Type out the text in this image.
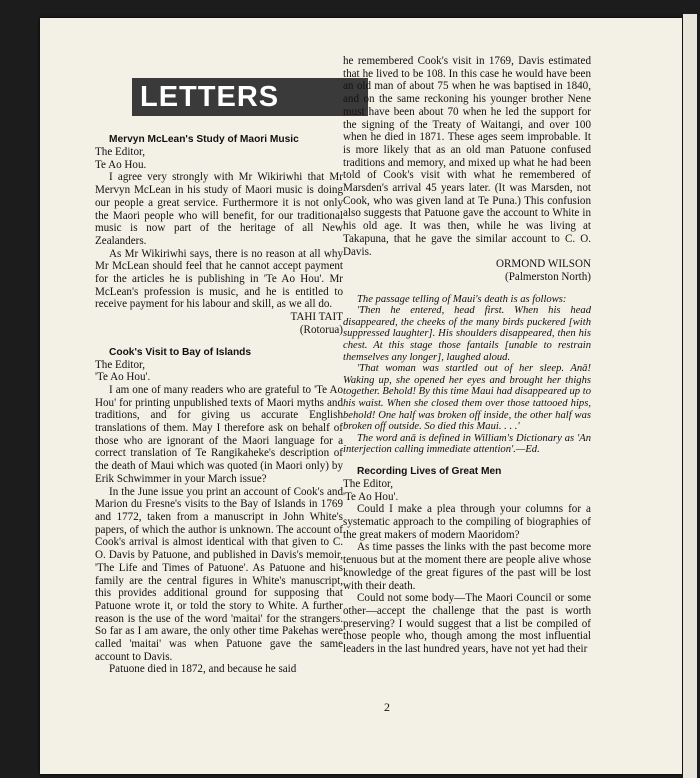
LETTERS

Mervyn McLean's Study of Maori Music

The Editor,

Te Ao Hou.

I agree very strongly with Mr Wikiriwhi that Mr Mervyn McLean in his study of Maori music is doing our people a great service. Furthermore it is not only the Maori people who will benefit, for our traditional music is now part of the heritage of all New Zealanders.

As Mr Wikiriwhi says, there is no reason at all why Mr McLean should feel that he cannot accept payment for the articles he is publishing in 'Te Ao Hou'. Mr McLean's profession is music, and he is entitled to receive payment for his labour and skill, as we all do.

TAHI TAIT

(Rotorua)

Cook's Visit to Bay of Islands

The Editor,

'Te Ao Hou'.

I am one of many readers who are grateful to 'Te Ao Hou' for printing unpublished texts of Maori myths and traditions, and for giving us accurate English translations of them. May I therefore ask on behalf of those who are ignorant of the Maori language for a correct translation of Te Rangikaheke's description of the death of Maui which was quoted (in Maori only) by Erik Schwimmer in your March issue?

In the June issue you print an account of Cook's and Marion du Fresne's visits to the Bay of Islands in 1769 and 1772, taken from a manuscript in John White's papers, of which the author is unknown. The account of Cook's arrival is almost identical with that given to C. O. Davis by Patuone, and published in Davis's memoir, 'The Life and Times of Patuone'. As Patuone and his family are the central figures in White's manuscript, this provides additional ground for supposing that Patuone wrote it, or told the story to White. A further reason is the use of the word 'maitai' for the strangers. So far as I am aware, the only other time Pakehas were called 'maitai' was when Patuone gave the same account to Davis.

Patuone died in 1872, and because he said

he remembered Cook's visit in 1769, Davis estimated that he lived to be 108. In this case he would have been an old man of about 75 when he was baptised in 1840, and on the same reckoning his younger brother Nene must have been about 70 when he led the support for the signing of the Treaty of Waitangi, and over 100 when he died in 1871. These ages seem improbable. It is more likely that as an old man Patuone confused traditions and memory, and mixed up what he had been told of Cook's visit with what he remembered of Marsden's arrival 45 years later. (It was Marsden, not Cook, who was given land at Te Puna.) This confusion also suggests that Patuone gave the account to White in his old age. It was then, while he was living at Takapuna, that he gave the similar account to C. O. Davis.

ORMOND WILSON

(Palmerston North)

The passage telling of Maui's death is as follows:

'Then he entered, head first. When his head disappeared, the cheeks of the many birds puckered [with suppressed laughter]. His shoulders disappeared, then his chest. At this stage those fantails [unable to restrain themselves any longer], laughed aloud.

'That woman was startled out of her sleep. Anā! Waking up, she opened her eyes and brought her thighs together. Behold! By this time Maui had disappeared up to his waist. When she closed them over those tattooed hips, behold! One half was broken off inside, the other half was broken off outside. So died this Maui. . . .'

The word anā is defined in William's Dictionary as 'An interjection calling immediate attention'.—Ed.

Recording Lives of Great Men

The Editor,

'Te Ao Hou'.

Could I make a plea through your columns for a systematic approach to the compiling of biographies of the great makers of modern Maoridom?

As time passes the links with the past become more tenuous but at the moment there are people alive whose knowledge of the great figures of the past will be lost with their death.

Could not some body—The Maori Council or some other—accept the challenge that the past is worth preserving? I would suggest that a list be compiled of those people who, though among the most influential leaders in the last hundred years, have not yet had their

2
